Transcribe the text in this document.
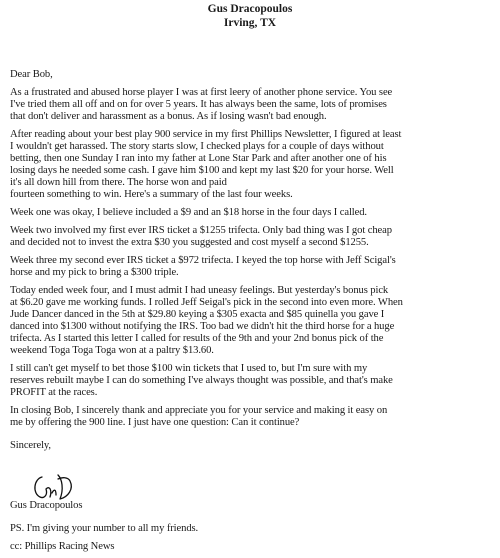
Gus Dracopoulos
Irving, TX
Dear Bob,
As a frustrated and abused horse player I was at first leery of another phone service. You see
I've tried them all off and on for over 5 years. It has always been the same, lots of promises
that don't deliver and harassment as a bonus. As if losing wasn't bad enough.
After reading about your best play 900 service in my first Phillips Newsletter, I figured at least
I wouldn't get harassed. The story starts slow, I checked plays for a couple of days without
betting, then one Sunday I ran into my father at Lone Star Park and after another one of his
losing days he needed some cash. I gave him $100 and kept my last $20 for your horse. Well
it's all down hill from there. The horse won and paid
fourteen something to win. Here's a summary of the last four weeks.
Week one was okay, I believe included a $9 and an $18 horse in the four days I called.
Week two involved my first ever IRS ticket a $1255 trifecta. Only bad thing was I got cheap
and decided not to invest the extra $30 you suggested and cost myself a second $1255.
Week three my second ever IRS ticket a $972 trifecta. I keyed the top horse with Jeff Scigal's
horse and my pick to bring a $300 triple.
Today ended week four, and I must admit I had uneasy feelings. But yesterday's bonus pick
at $6.20 gave me working funds. I rolled Jeff Seigal's pick in the second into even more. When
Jude Dancer danced in the 5th at $29.80 keying a $305 exacta and $85 quinella you gave I
danced into $1300 without notifying the IRS. Too bad we didn't hit the third horse for a huge
trifecta. As I started this letter I called for results of the 9th and your 2nd bonus pick of the
weekend Toga Toga Toga won at a paltry $13.60.
I still can't get myself to bet those $100 win tickets that I used to, but I'm sure with my
reserves rebuilt maybe I can do something I've always thought was possible, and that's make
PROFIT at the races.
In closing Bob, I sincerely thank and appreciate you for your service and making it easy on
me by offering the 900 line. I just have one question: Can it continue?
Sincerely,
Gus Dracopoulos
PS. I'm giving your number to all my friends.
cc: Phillips Racing News
